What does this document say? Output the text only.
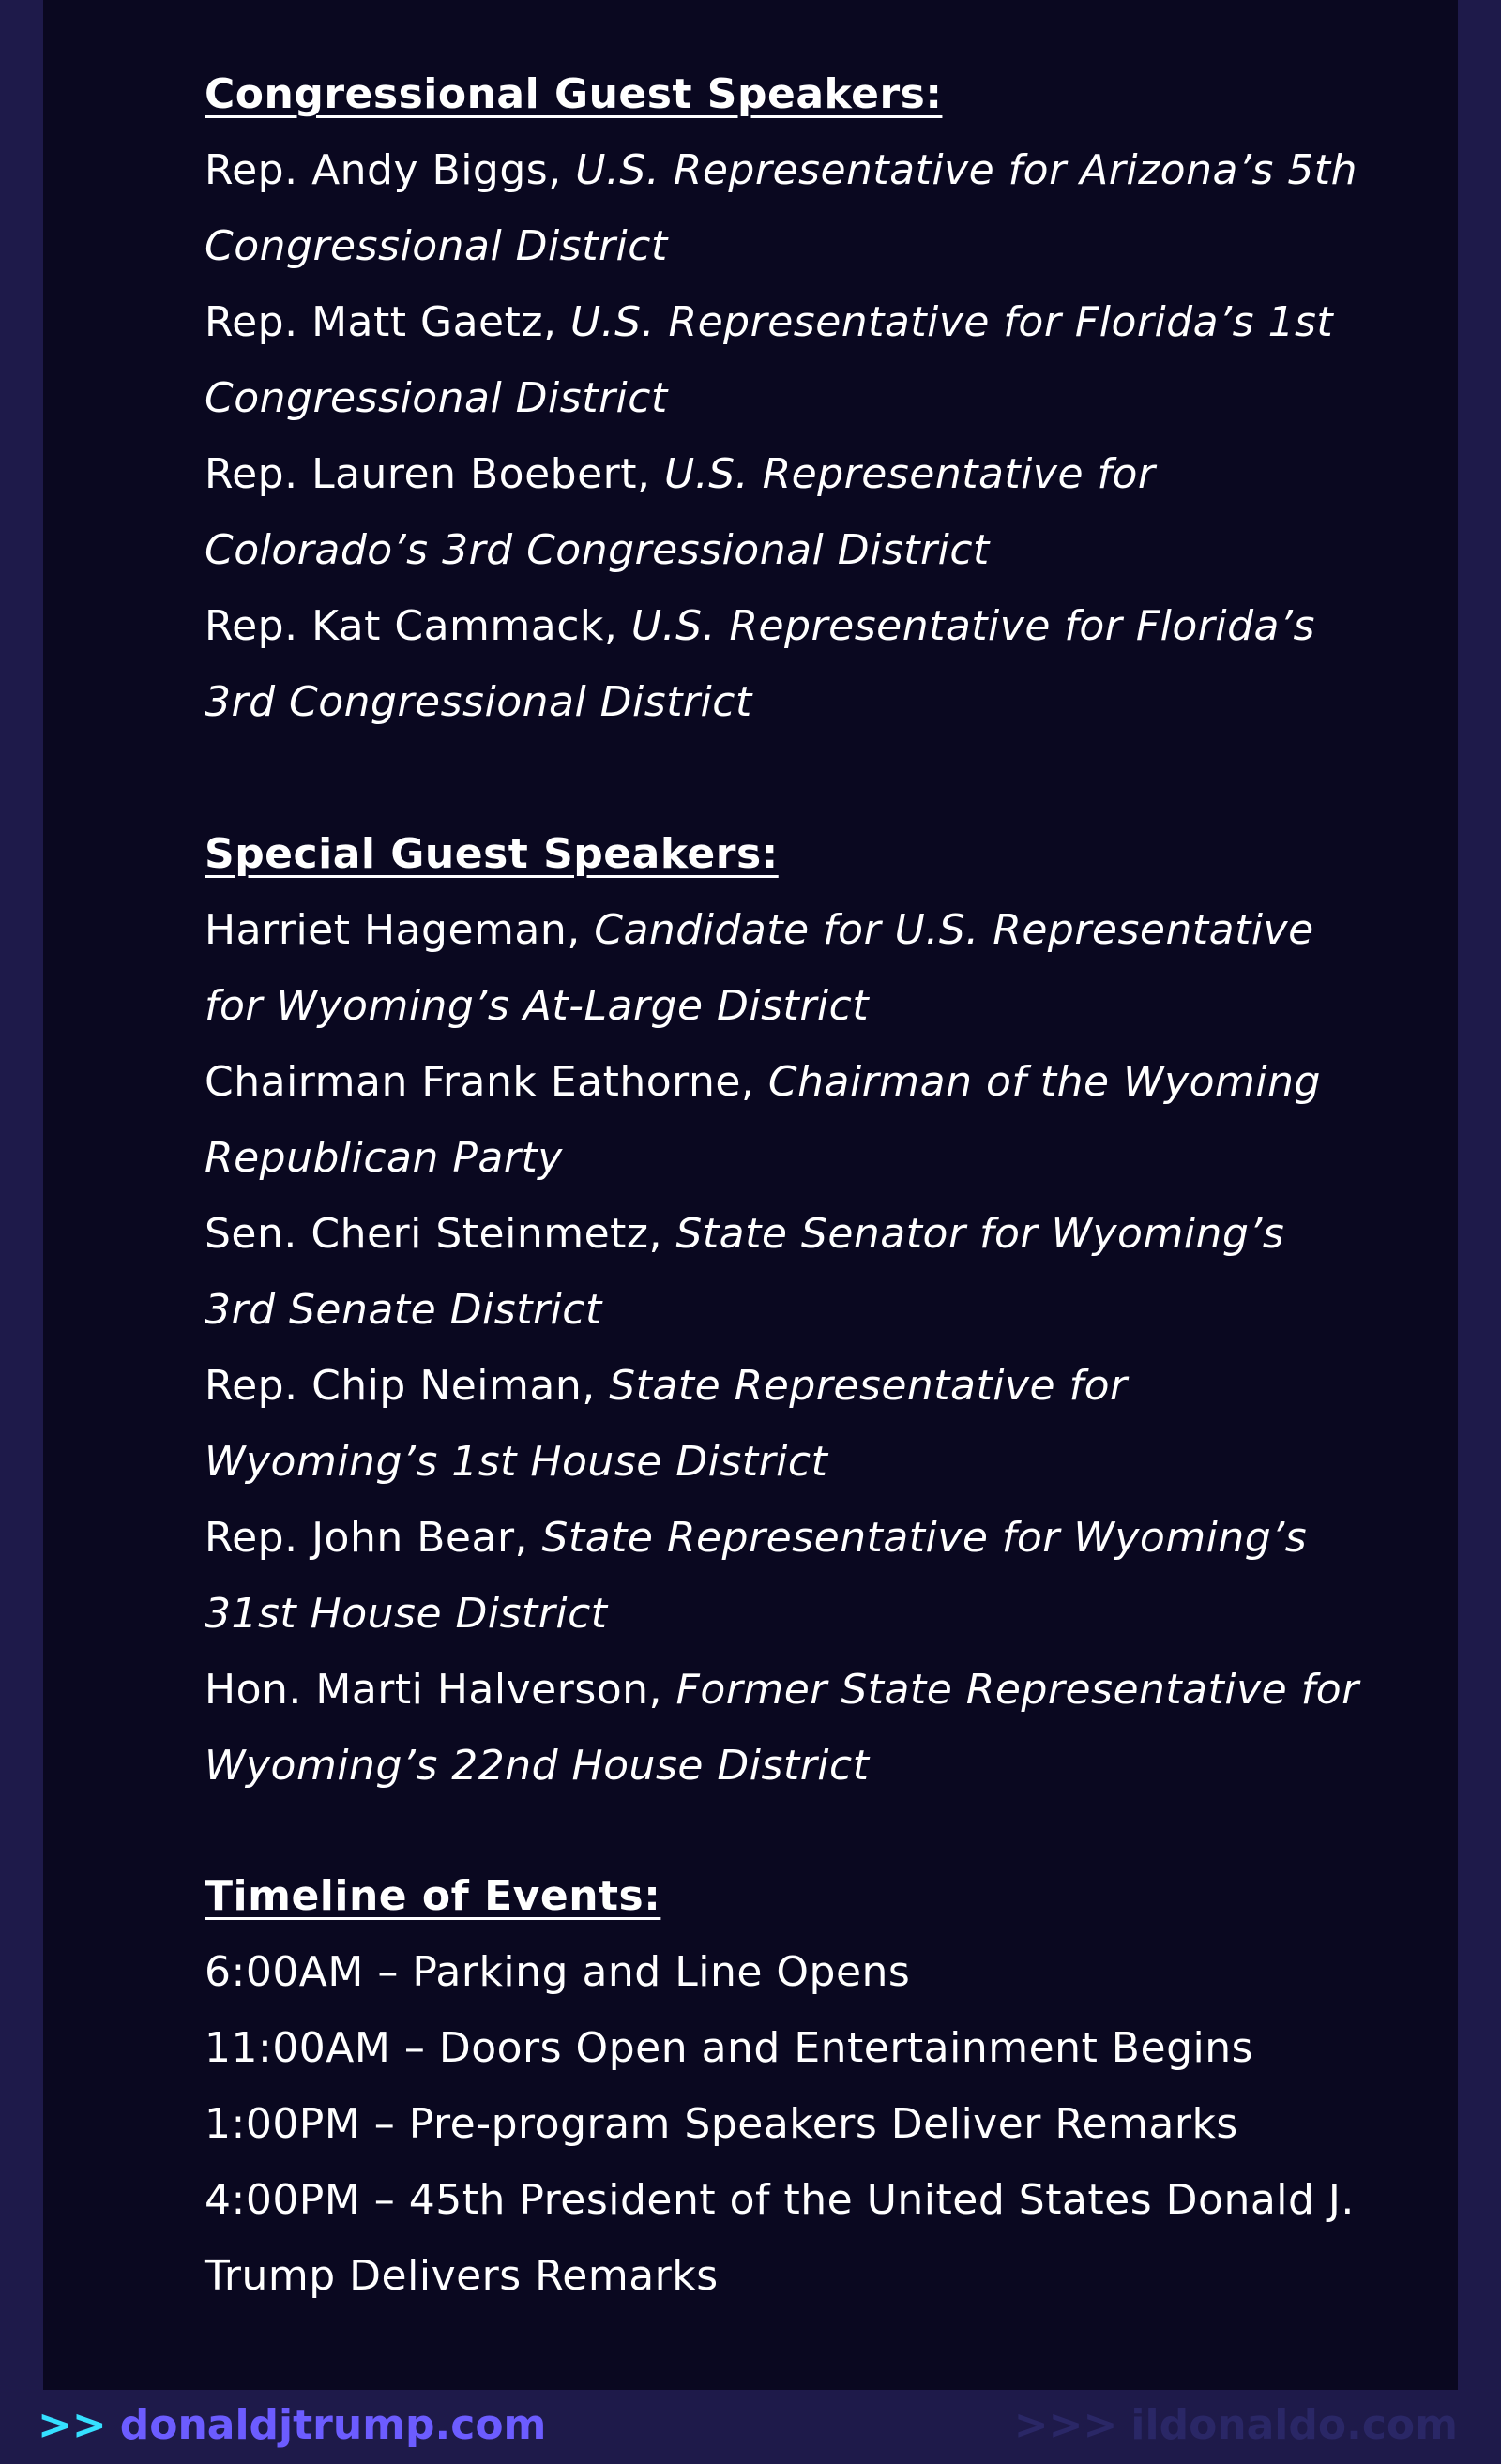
Congressional Guest Speakers:
Rep. Andy Biggs, U.S. Representative for Arizona’s 5th Congressional District
Rep. Matt Gaetz, U.S. Representative for Florida’s 1st Congressional District
Rep. Lauren Boebert, U.S. Representative for Colorado’s 3rd Congressional District
Rep. Kat Cammack, U.S. Representative for Florida’s 3rd Congressional District
Special Guest Speakers:
Harriet Hageman, Candidate for U.S. Representative for Wyoming’s At-Large District
Chairman Frank Eathorne, Chairman of the Wyoming Republican Party
Sen. Cheri Steinmetz, State Senator for Wyoming’s 3rd Senate District
Rep. Chip Neiman, State Representative for Wyoming’s 1st House District
Rep. John Bear, State Representative for Wyoming’s 31st House District
Hon. Marti Halverson, Former State Representative for Wyoming’s 22nd House District
Timeline of Events:
6:00AM – Parking and Line Opens
11:00AM – Doors Open and Entertainment Begins
1:00PM – Pre-program Speakers Deliver Remarks
4:00PM – 45th President of the United States Donald J. Trump Delivers Remarks
>> donaldjtrump.com	>>> ildonaldo.com
